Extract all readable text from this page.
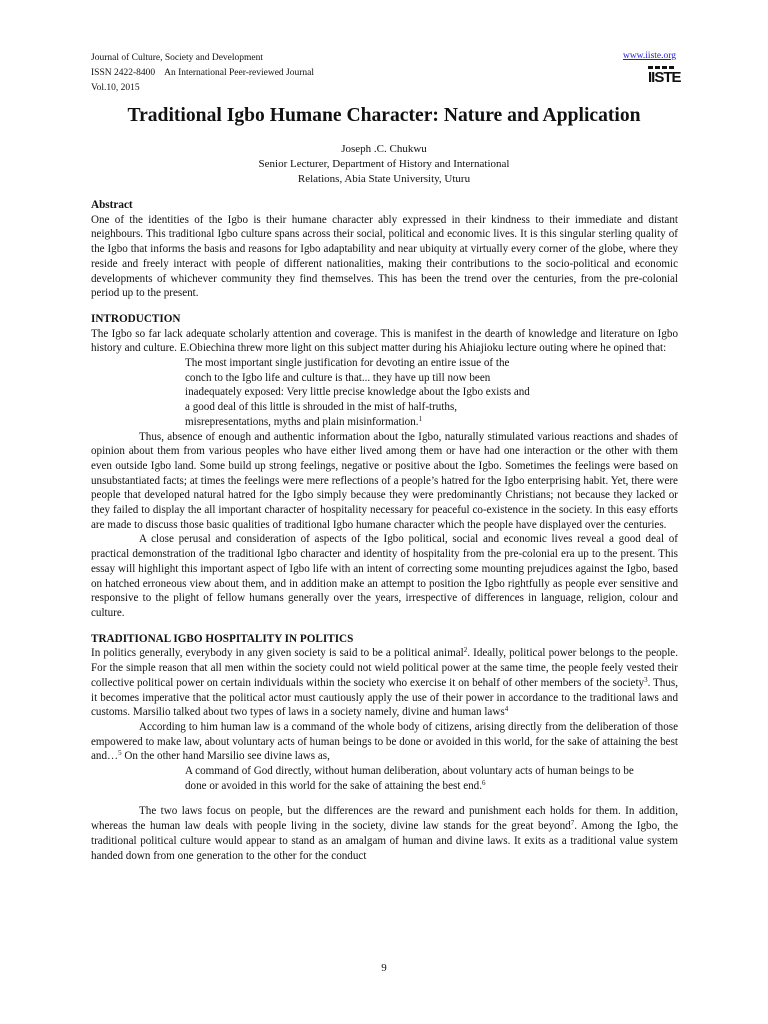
Journal of Culture, Society and Development
ISSN 2422-8400    An International Peer-reviewed Journal
Vol.10, 2015
www.iiste.org
IISTE
Traditional Igbo Humane Character: Nature and Application
Joseph .C. Chukwu
Senior Lecturer, Department of History and International
Relations, Abia State University, Uturu
Abstract

One of the identities of the Igbo is their humane character ably expressed in their kindness to their immediate and distant neighbours. This traditional Igbo culture spans across their social, political and economic lives. It is this singular sterling quality of the Igbo that informs the basis and reasons for Igbo adaptability and near ubiquity at virtually every corner of the globe, where they reside and freely interact with people of different nationalities, making their contributions to the socio-political and economic developments of whichever community they find themselves. This has been the trend over the centuries, from the pre-colonial period up to the present.

INTRODUCTION

The Igbo so far lack adequate scholarly attention and coverage. This is manifest in the dearth of knowledge and literature on Igbo history and culture. E.Obiechina threw more light on this subject matter during his Ahiajioku lecture outing where he opined that:

The most important single justification for devoting an entire issue of the conch to the Igbo life and culture is that... they have up till now been inadequately exposed: Very little precise knowledge about the Igbo exists and a good deal of this little is shrouded in the mist of half-truths, misrepresentations, myths and plain misinformation.$^1$

Thus, absence of enough and authentic information about the Igbo, naturally stimulated various reactions and shades of opinion about them from various peoples who have either lived among them or have had one interaction or the other with them even outside Igbo land. Some build up strong feelings, negative or positive about the Igbo. Sometimes the feelings were based on unsubstantiated facts; at times the feelings were mere reflections of a people’s hatred for the Igbo enterprising habit. Yet, there were people that developed natural hatred for the Igbo simply because they were predominantly Christians; not because they lacked or they failed to display the all important character of hospitality necessary for peaceful co-existence in the society. In this easy efforts are made to discuss those basic qualities of traditional Igbo humane character which the people have displayed over the centuries.

A close perusal and consideration of aspects of the Igbo political, social and economic lives reveal a good deal of practical demonstration of the traditional Igbo character and identity of hospitality from the pre-colonial era up to the present. This essay will highlight this important aspect of Igbo life with an intent of correcting some mounting prejudices against the Igbo, based on hatched erroneous view about them, and in addition make an attempt to position the Igbo rightfully as people ever sensitive and responsive to the plight of fellow humans generally over the years, irrespective of differences in language, religion, colour and culture.

TRADITIONAL IGBO HOSPITALITY IN POLITICS

In politics generally, everybody in any given society is said to be a political animal$^2$. Ideally, political power belongs to the people. For the simple reason that all men within the society could not wield political power at the same time, the people feely vested their collective political power on certain individuals within the society who exercise it on behalf of other members of the society$^3$. Thus, it becomes imperative that the political actor must cautiously apply the use of their power in accordance to the traditional laws and customs. Marsilio talked about two types of laws in a society namely, divine and human laws$^4$

According to him human law is a command of the whole body of citizens, arising directly from the deliberation of those empowered to make law, about voluntary acts of human beings to be done or avoided in this world, for the sake of attaining the best and…$^5$ On the other hand Marsilio see divine laws as,

A command of God directly, without human deliberation, about voluntary acts of human beings to be done or avoided in this world for the sake of attaining the best end.$^6$

The two laws focus on people, but the differences are the reward and punishment each holds for them. In addition, whereas the human law deals with people living in the society, divine law stands for the great beyond$^7$. Among the Igbo, the traditional political culture would appear to stand as an amalgam of human and divine laws. It exits as a traditional value system handed down from one generation to the other for the conduct

9
